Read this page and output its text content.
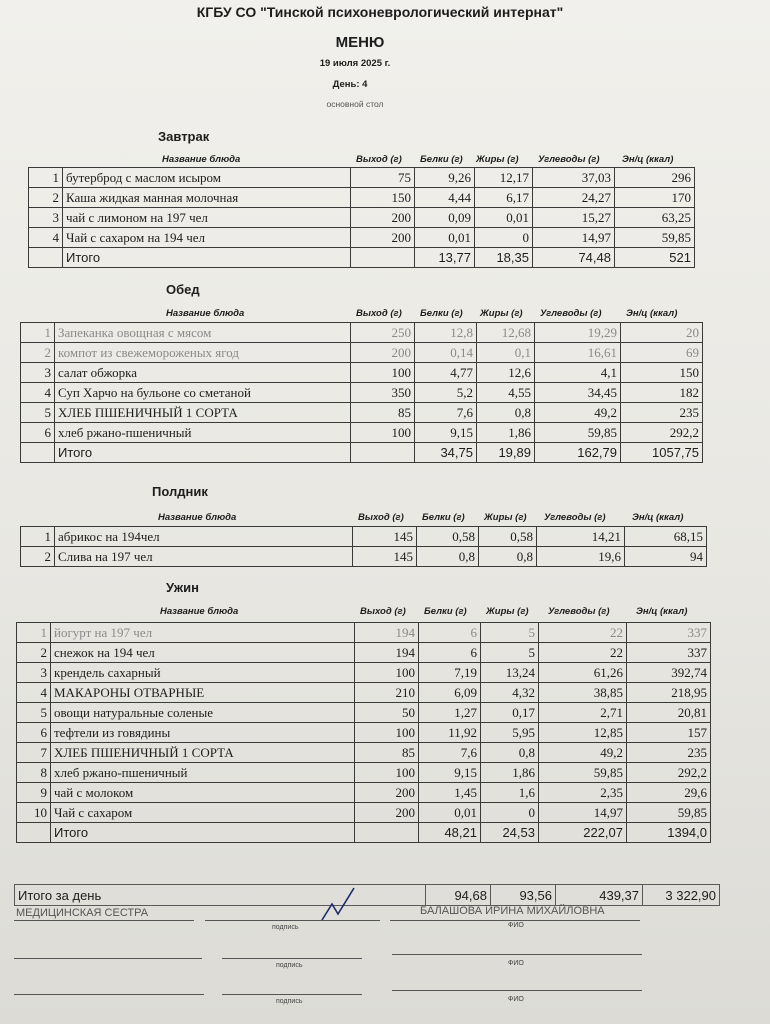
КГБУ СО "Тинской психоневрологический интернат"
МЕНЮ
19 июля 2025 г.
День: 4
основной стол
Завтрак
Название блюда	Выход (г) Белки (г) Жиры (г) Углеводы (г) Эн/ц (ккал)
1	бутерброд с маслом исыром	75	9,26	12,17	37,03	296
2	Каша жидкая манная молочная	150	4,44	6,17	24,27	170
3	чай с лимоном на 197 чел	200	0,09	0,01	15,27	63,25
4	Чай с сахаром на 194 чел	200	0,01	0	14,97	59,85
	Итого		13,77	18,35	74,48	521
Обед
Название блюда	Выход (г) Белки (г) Жиры (г) Углеводы (г)	Эн/ц (ккал)
1	Запеканка овощная с мясом	250	12,8	12,68	19,29	20
2	компот из свежемороженых ягод	200	0,14	0,1	16,61	69
3	салат обжорка	100	4,77	12,6	4,1	150
4	Суп Харчо на бульоне со сметаной	350	5,2	4,55	34,45	182
5	ХЛЕБ ПШЕНИЧНЫЙ 1 СОРТА	85	7,6	0,8	49,2	235
6	хлеб ржано-пшеничный	100	9,15	1,86	59,85	292,2
	Итого		34,75	19,89	162,79	1057,75
Полдник
Название блюда	Выход (г) Белки (г) Жиры (г) Углеводы (г)	Эн/ц (ккал)
1	абрикос на 194чел	145	0,58	0,58	14,21	68,15
2	Слива на 197 чел	145	0,8	0,8	19,6	94
Ужин
Название блюда	Выход (г) Белки (г) Жиры (г) Углеводы (г)	Эн/ц (ккал)
1	йогурт на 197 чел	194	6	5	22	337
2	снежок на 194 чел	194	6	5	22	337
3	крендель сахарный	100	7,19	13,24	61,26	392,74
4	МАКАРОНЫ ОТВАРНЫЕ	210	6,09	4,32	38,85	218,95
5	овощи натуральные соленые	50	1,27	0,17	2,71	20,81
6	тефтели из говядины	100	11,92	5,95	12,85	157
7	ХЛЕБ ПШЕНИЧНЫЙ 1 СОРТА	85	7,6	0,8	49,2	235
8	хлеб ржано-пшеничный	100	9,15	1,86	59,85	292,2
9	чай с молоком	200	1,45	1,6	2,35	29,6
10	Чай с сахаром	200	0,01	0	14,97	59,85
	Итого		48,21	24,53	222,07	1394,0
Итого за день	94,68	93,56	439,37	3 322,90
МЕДИЦИНСКАЯ СЕСТРА	БАЛАШОВА ИРИНА МИХАЙЛОВНА
подпись	ФИО
подпись	ФИО
подпись	ФИО
